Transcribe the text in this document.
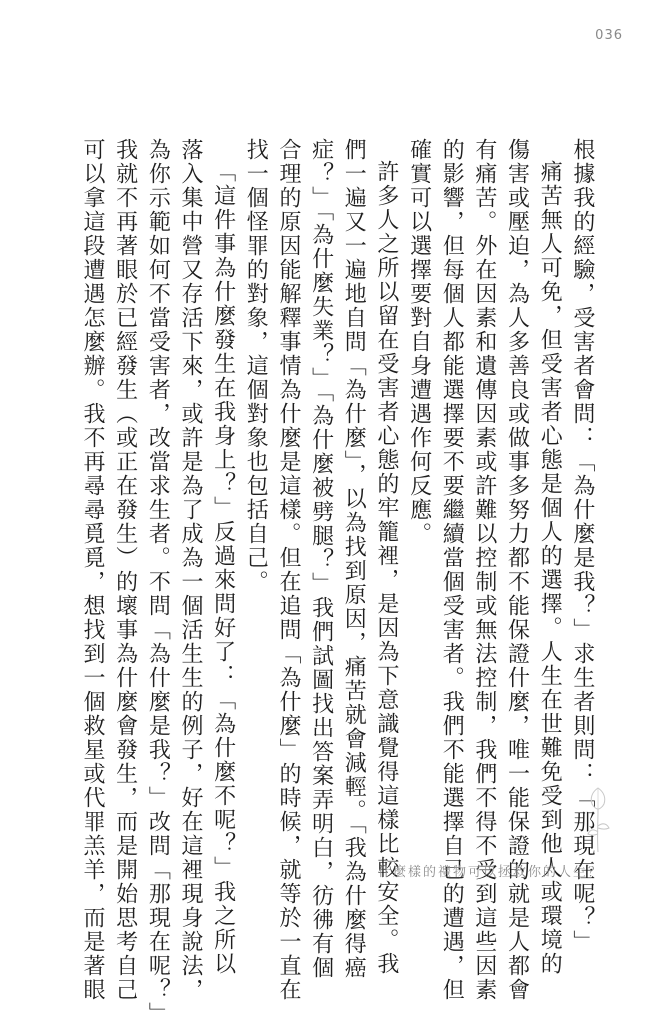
036
根據我的經驗，受害者會問：「為什麼是我？」求生者則問：「那現在呢？」
痛苦無人可免，但受害者心態是個人的選擇。人生在世難免受到他人或環境的
傷害或壓迫，為人多善良或做事多努力都不能保證什麼，唯一能保證的就是人都會
有痛苦。外在因素和遺傳因素或許難以控制或無法控制，我們不得不受到這些因素
的影響，但每個人都能選擇要不要繼續當個受害者。我們不能選擇自己的遭遇，但
確實可以選擇要對自身遭遇作何反應。
許多人之所以留在受害者心態的牢籠裡，是因為下意識覺得這樣比較安全。我
們一遍又一遍地自問「為什麼」，以為找到原因，痛苦就會減輕。「我為什麼得癌
症？」「為什麼失業？」「為什麼被劈腿？」我們試圖找出答案弄明白，彷彿有個
合理的原因能解釋事情為什麼是這樣。但在追問「為什麼」的時候，就等於一直在
找一個怪罪的對象，這個對象也包括自己。
「這件事為什麼發生在我身上？」反過來問好了：「為什麼不呢？」我之所以
落入集中營又存活下來，或許是為了成為一個活生生的例子，好在這裡現身說法，
為你示範如何不當受害者，改當求生者。不問「為什麼是我？」改問「那現在呢？」
我就不再著眼於已經發生（或正在發生）的壞事為什麼會發生，而是開始思考自己
可以拿這段遭遇怎麼辦。我不再尋尋覓覓，想找到一個救星或代罪羔羊，而是著眼	什麼樣的禮物可以拯救你的人生？
